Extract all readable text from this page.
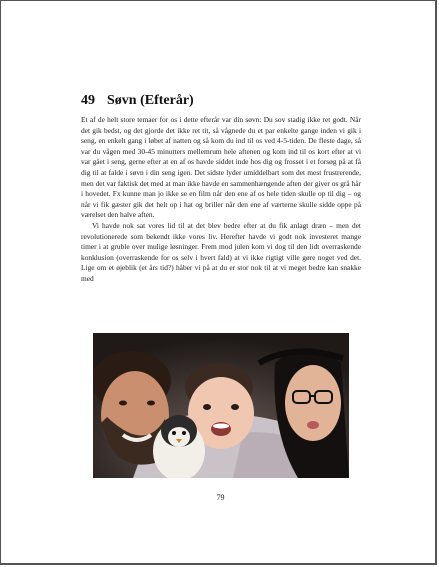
49 Søvn (Efterår)

Et af de helt store temaer for os i dette efterår var din søvn: Du sov stadig ikke ret godt. Når det gik bedst, og det gjorde det ikke ret tit, så vågnede du et par enkelte gange inden vi gik i seng, en enkelt gang i løbet af natten og så kom du ind til os ved 4-5-tiden. De fleste dage, så var du vågen med 30-45 minutters mellemrum hele aftenen og kom ind til os kort efter at vi var gået i seng, gerne efter at en af os havde siddet inde hos dig og frosset i et forsøg på at få dig til at falde i søvn i din seng igen. Det sidste lyder umiddelbart som det mest frustrerende, men det var faktisk det med at man ikke havde en sammenhængende aften der giver os grå hår i hovedet. Fx kunne man jo ikke se en film når den ene af os hele tiden skulle op til dig – og når vi fik gæster gik det helt op i hat og briller når den ene af værterne skulle sidde oppe på værelset den halve aften.

Vi havde nok sat vores lid til at det blev bedre efter at du fik anlagt dræn – men det revolutionerede som bekendt ikke vores liv. Herefter havde vi godt nok investeret mange timer i at gruble over mulige løsninger. Frem mod julen kom vi dog til den lidt overraskende konklusion (overraskende for os selv i hvert fald) at vi ikke rigtigt ville gøre noget ved det. Lige om et øjeblik (et års tid?) håber vi på at du er stor nok til at vi meget bedre kan snakke med

79
